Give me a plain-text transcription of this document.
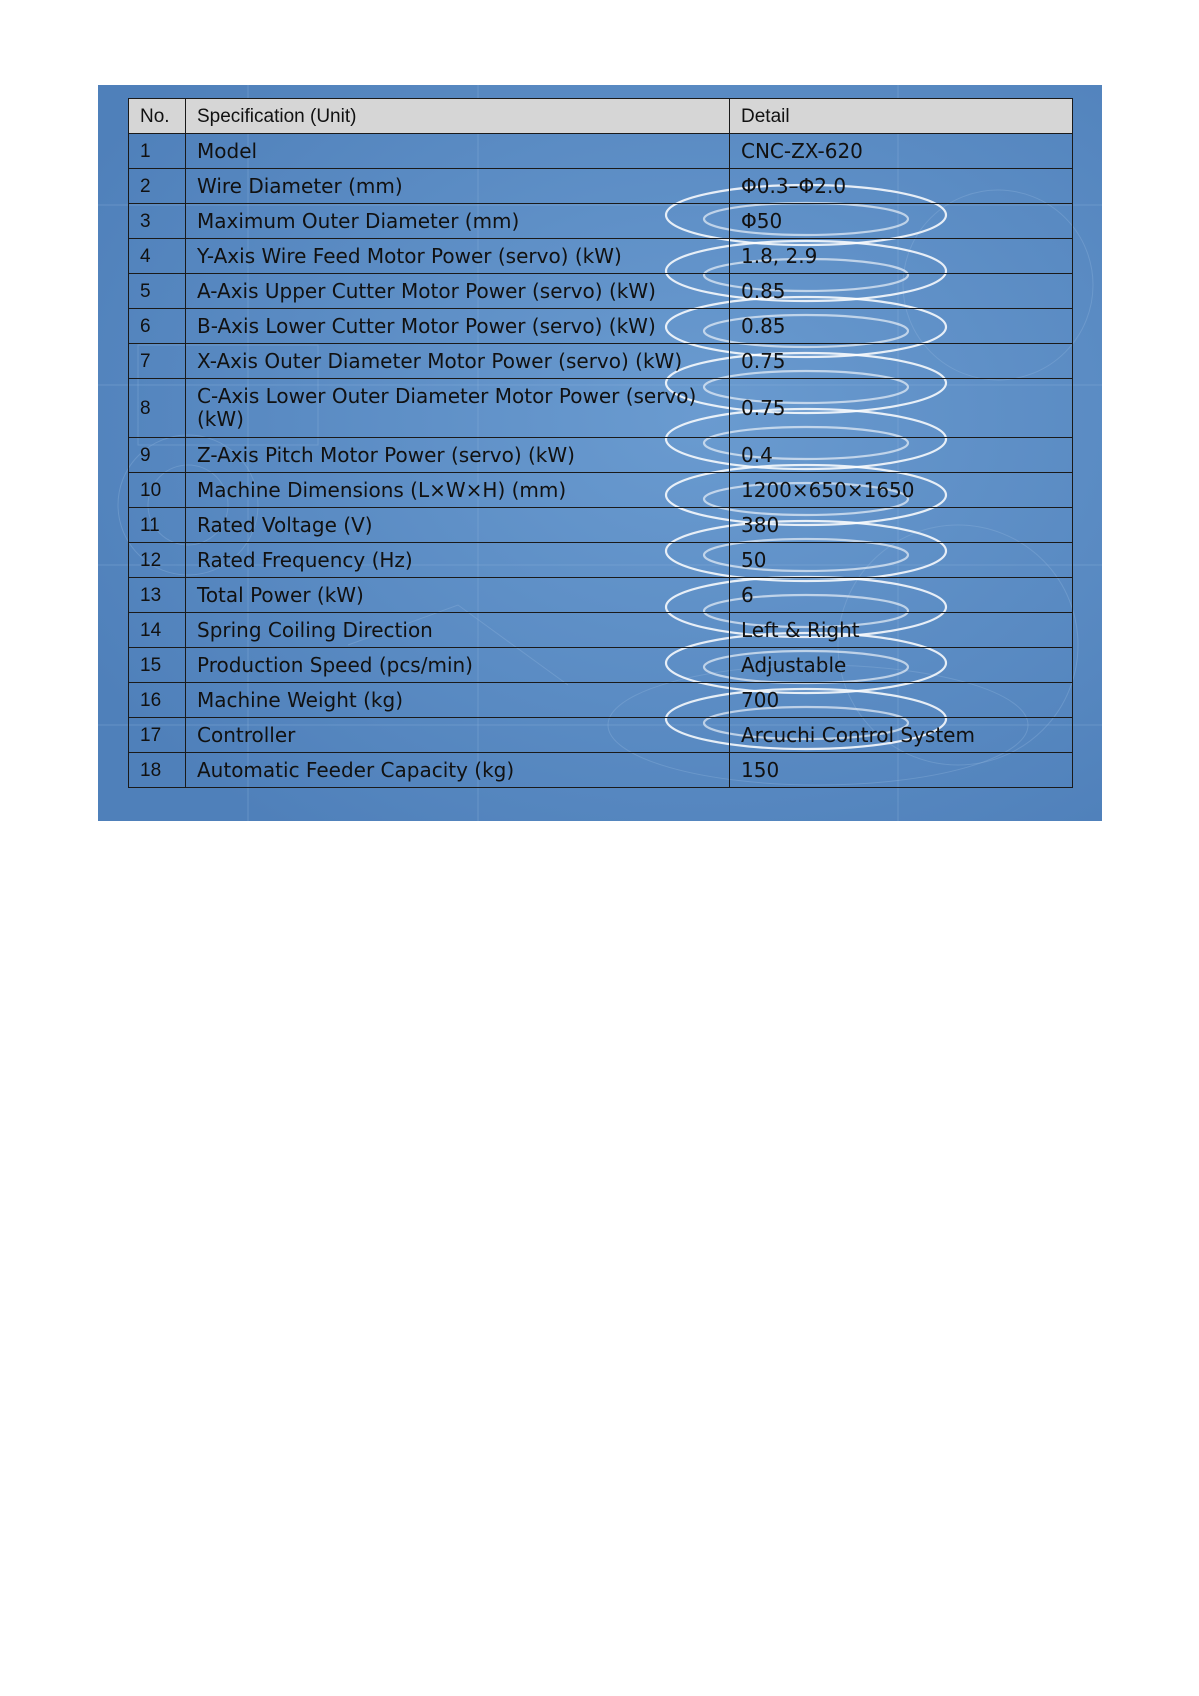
No.	Specification (Unit)	Detail
1	Model	CNC-ZX-620
2	Wire Diameter (mm)	Φ0.3–Φ2.0
3	Maximum Outer Diameter (mm)	Φ50
4	Y-Axis Wire Feed Motor Power (servo) (kW)	1.8, 2.9
5	A-Axis Upper Cutter Motor Power (servo) (kW)	0.85
6	B-Axis Lower Cutter Motor Power (servo) (kW)	0.85
7	X-Axis Outer Diameter Motor Power (servo) (kW)	0.75
8	C-Axis Lower Outer Diameter Motor Power (servo) (kW)	0.75
9	Z-Axis Pitch Motor Power (servo) (kW)	0.4
10	Machine Dimensions (L×W×H) (mm)	1200×650×1650
11	Rated Voltage (V)	380
12	Rated Frequency (Hz)	50
13	Total Power (kW)	6
14	Spring Coiling Direction	Left & Right
15	Production Speed (pcs/min)	Adjustable
16	Machine Weight (kg)	700
17	Controller	Arcuchi Control System
18	Automatic Feeder Capacity (kg)	150
